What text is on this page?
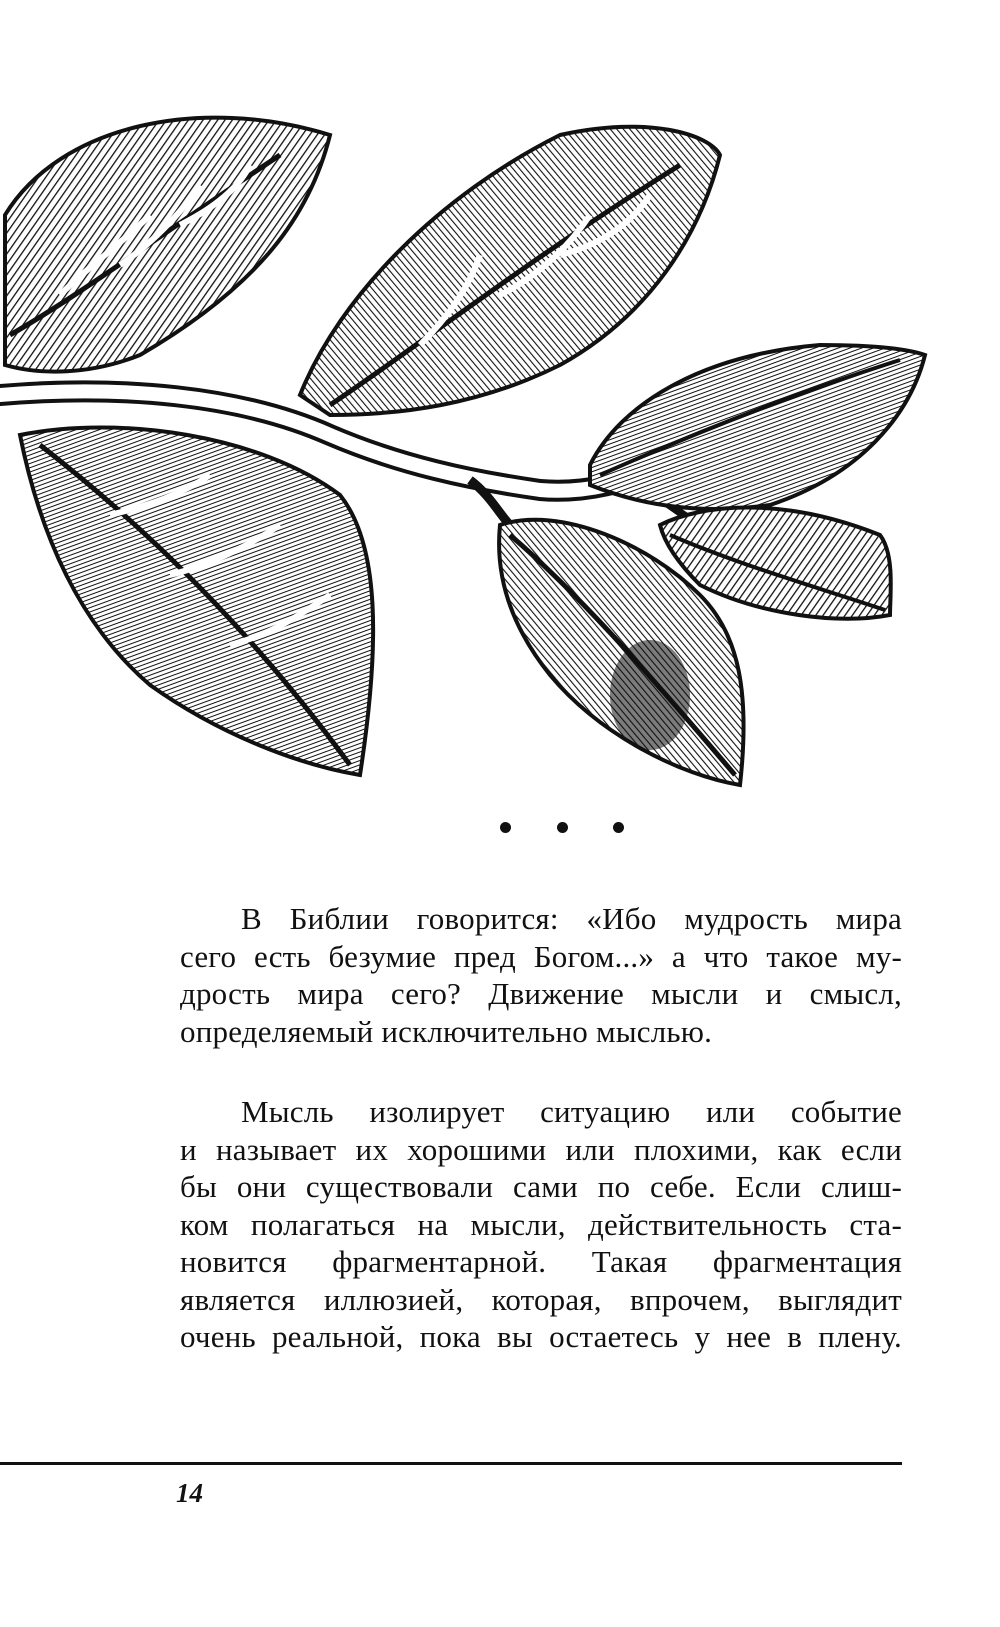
В Библии говорится: «Ибо мудрость мира
сего есть безумие пред Богом...» а что такое му-
дрость мира сего? Движение мысли и смысл,
определяемый исключительно мыслью.
Мысль изолирует ситуацию или событие
и называет их хорошими или плохими, как если
бы они существовали сами по себе. Если слиш-
ком полагаться на мысли, действительность ста-
новится фрагментарной. Такая фрагментация
является иллюзией, которая, впрочем, выглядит
очень реальной, пока вы остаетесь у нее в плену.
14
